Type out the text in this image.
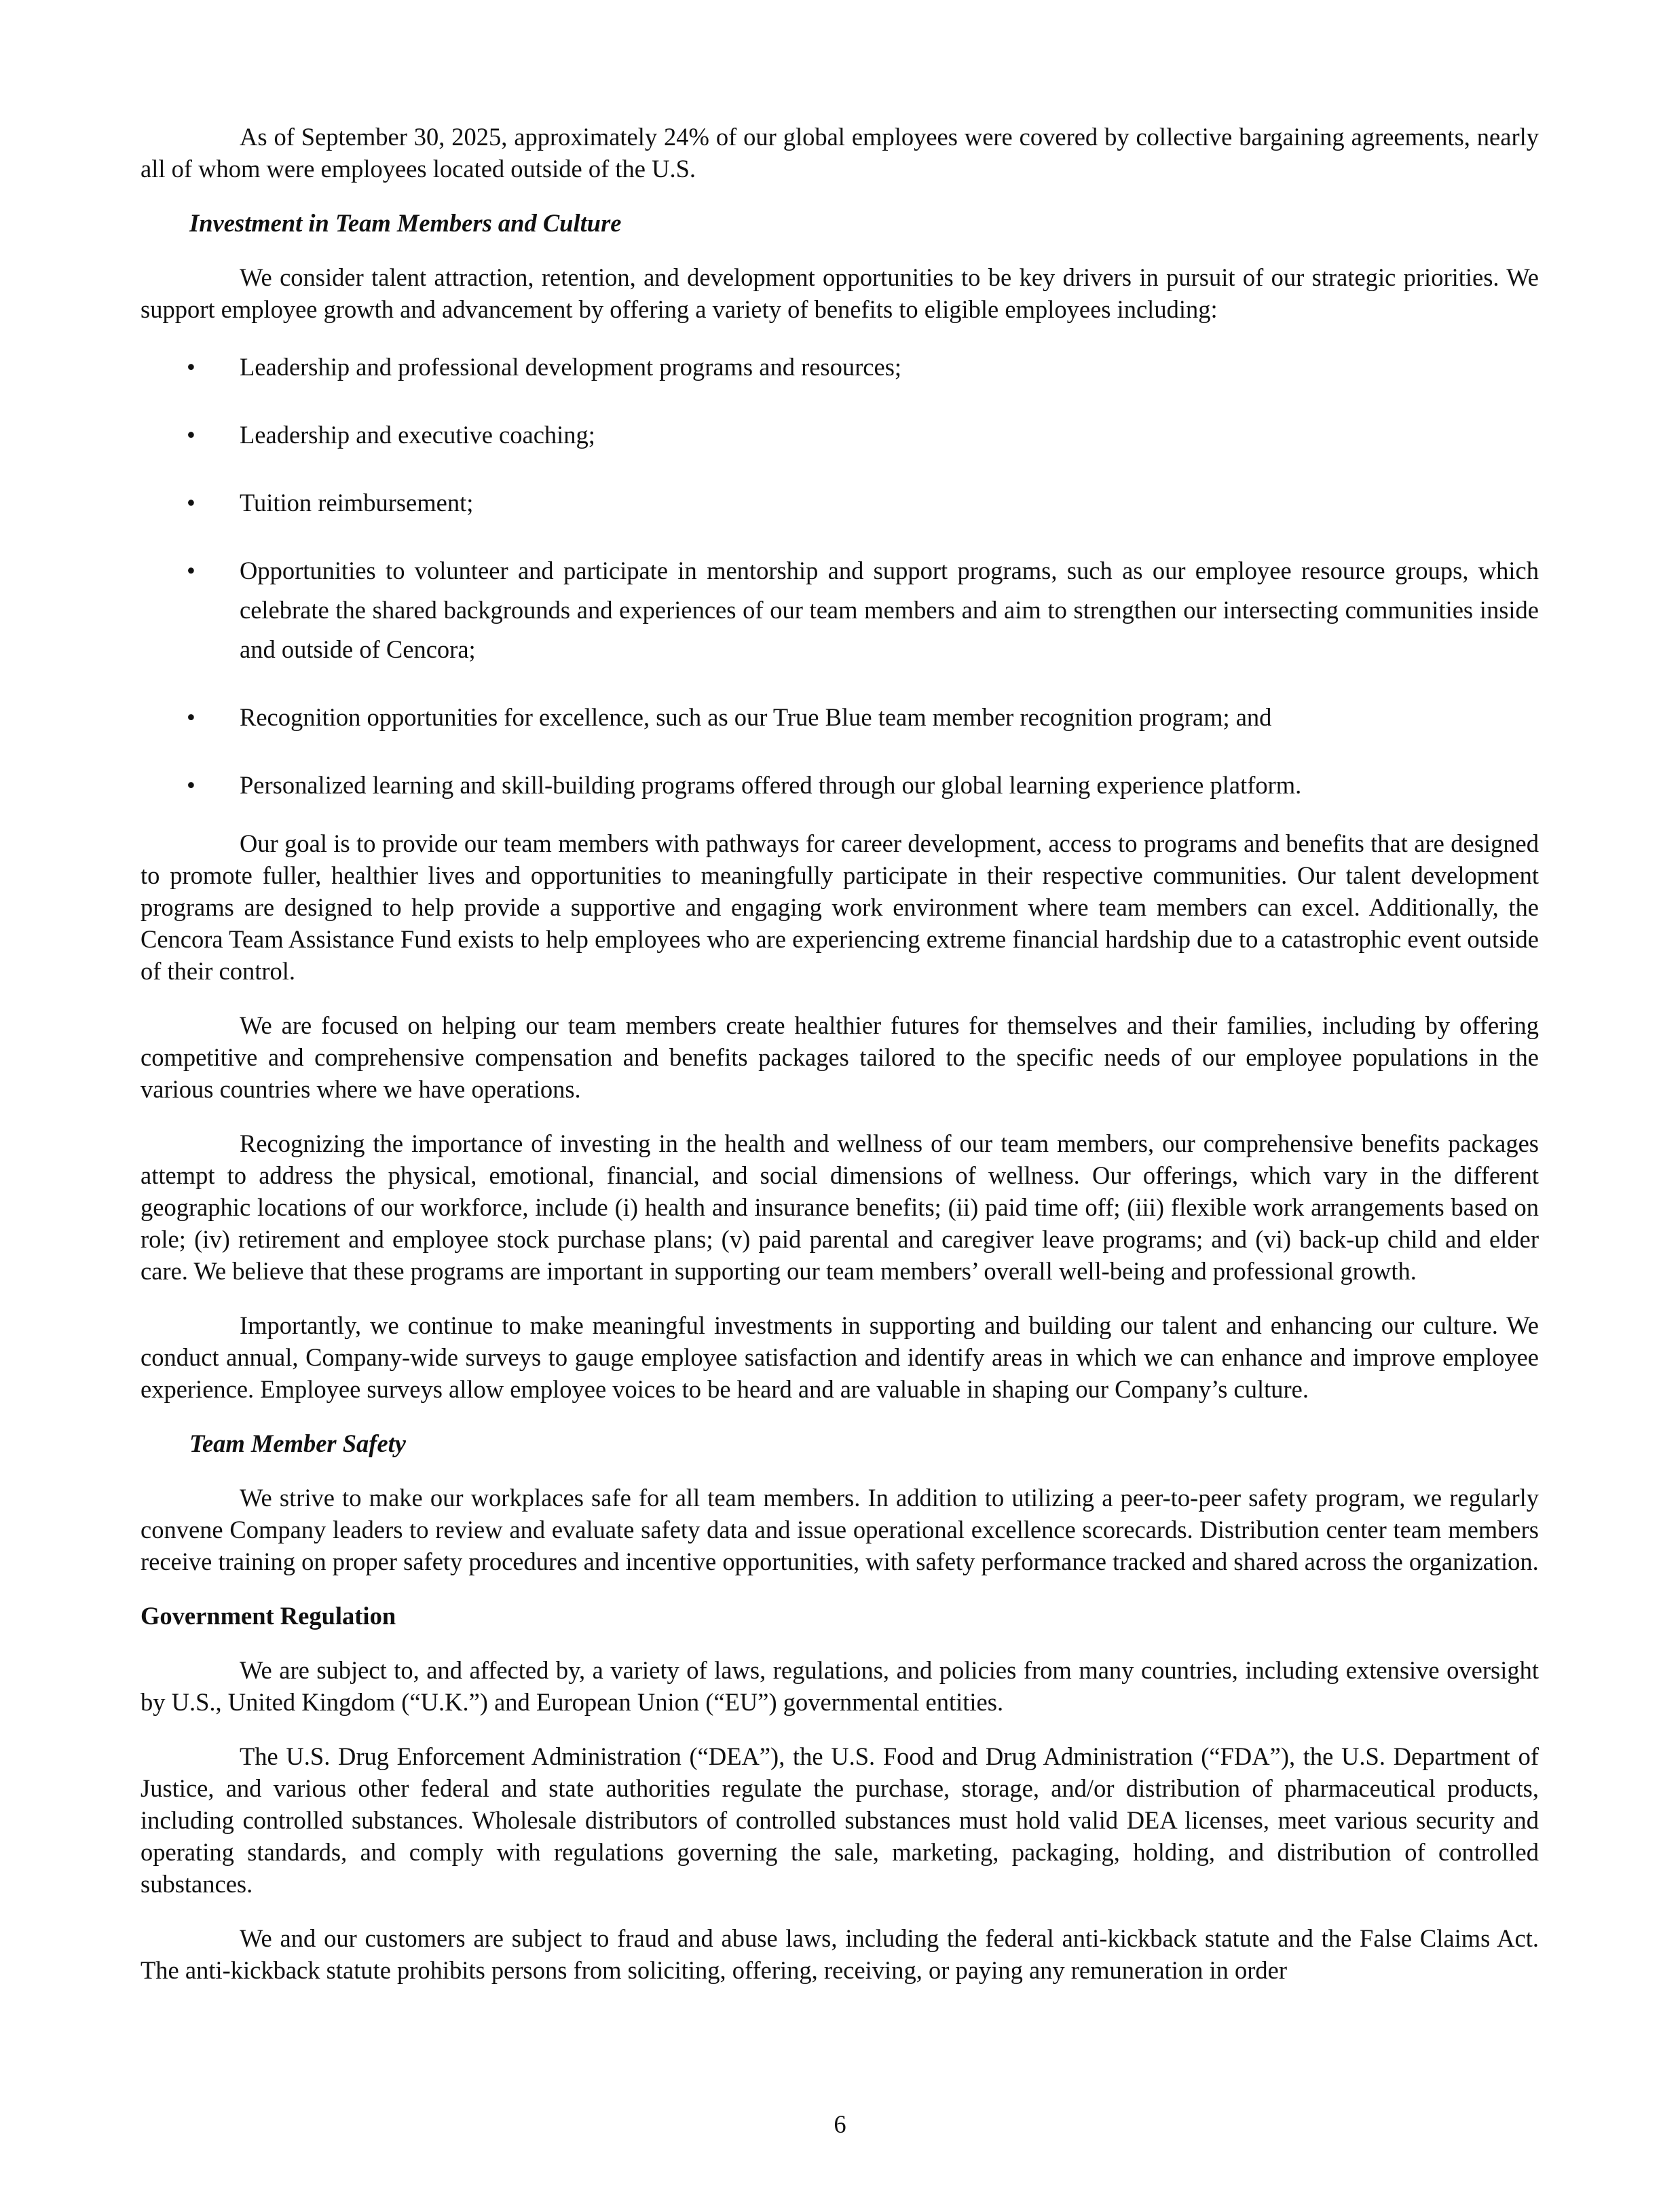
As of September 30, 2025, approximately 24% of our global employees were covered by collective bargaining agreements, nearly all of whom were employees located outside of the U.S.

Investment in Team Members and Culture

We consider talent attraction, retention, and development opportunities to be key drivers in pursuit of our strategic priorities. We support employee growth and advancement by offering a variety of benefits to eligible employees including:

• Leadership and professional development programs and resources;
• Leadership and executive coaching;
• Tuition reimbursement;
• Opportunities to volunteer and participate in mentorship and support programs, such as our employee resource groups, which celebrate the shared backgrounds and experiences of our team members and aim to strengthen our intersecting communities inside and outside of Cencora;
• Recognition opportunities for excellence, such as our True Blue team member recognition program; and
• Personalized learning and skill-building programs offered through our global learning experience platform.

Our goal is to provide our team members with pathways for career development, access to programs and benefits that are designed to promote fuller, healthier lives and opportunities to meaningfully participate in their respective communities. Our talent development programs are designed to help provide a supportive and engaging work environment where team members can excel. Additionally, the Cencora Team Assistance Fund exists to help employees who are experiencing extreme financial hardship due to a catastrophic event outside of their control.

We are focused on helping our team members create healthier futures for themselves and their families, including by offering competitive and comprehensive compensation and benefits packages tailored to the specific needs of our employee populations in the various countries where we have operations.

Recognizing the importance of investing in the health and wellness of our team members, our comprehensive benefits packages attempt to address the physical, emotional, financial, and social dimensions of wellness. Our offerings, which vary in the different geographic locations of our workforce, include (i) health and insurance benefits; (ii) paid time off; (iii) flexible work arrangements based on role; (iv) retirement and employee stock purchase plans; (v) paid parental and caregiver leave programs; and (vi) back-up child and elder care. We believe that these programs are important in supporting our team members’ overall well-being and professional growth.

Importantly, we continue to make meaningful investments in supporting and building our talent and enhancing our culture. We conduct annual, Company-wide surveys to gauge employee satisfaction and identify areas in which we can enhance and improve employee experience. Employee surveys allow employee voices to be heard and are valuable in shaping our Company’s culture.

Team Member Safety

We strive to make our workplaces safe for all team members. In addition to utilizing a peer-to-peer safety program, we regularly convene Company leaders to review and evaluate safety data and issue operational excellence scorecards. Distribution center team members receive training on proper safety procedures and incentive opportunities, with safety performance tracked and shared across the organization.

Government Regulation

We are subject to, and affected by, a variety of laws, regulations, and policies from many countries, including extensive oversight by U.S., United Kingdom (“U.K.”) and European Union (“EU”) governmental entities.

The U.S. Drug Enforcement Administration (“DEA”), the U.S. Food and Drug Administration (“FDA”), the U.S. Department of Justice, and various other federal and state authorities regulate the purchase, storage, and/or distribution of pharmaceutical products, including controlled substances. Wholesale distributors of controlled substances must hold valid DEA licenses, meet various security and operating standards, and comply with regulations governing the sale, marketing, packaging, holding, and distribution of controlled substances.

We and our customers are subject to fraud and abuse laws, including the federal anti-kickback statute and the False Claims Act. The anti-kickback statute prohibits persons from soliciting, offering, receiving, or paying any remuneration in order

6
